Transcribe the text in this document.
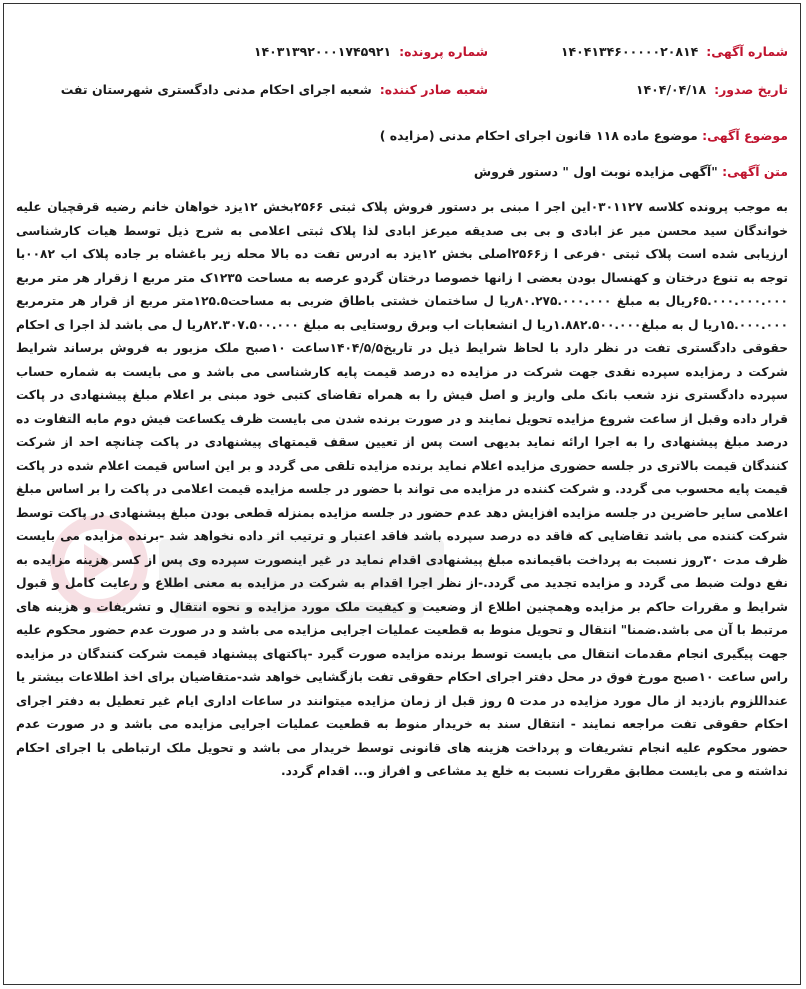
شماره آگهی:
۱۴۰۴۱۳۴۶۰۰۰۰۰۲۰۸۱۴
شماره پرونده:
۱۴۰۳۱۳۹۲۰۰۰۱۷۴۵۹۲۱
تاریخ صدور:
۱۴۰۴/۰۴/۱۸
شعبه صادر کننده:
شعبه اجرای احکام مدنی دادگستری شهرستان تفت
موضوع آگهی: موضوع ماده ۱۱۸ قانون اجرای احکام مدنی (مزایده )
متن آگهی: "آگهی مزایده نوبت اول " دستور فروش
به موجب پرونده کلاسه ۰۳۰۱۱۲۷این اجر ا مبنی بر دستور فروش پلاک ثبتی ۲۵۶۶بخش ۱۲یزد خواهان خانم رضیه قرقچیان علیه خواندگان سید محسن میر عز ابادی و بی بی صدیقه میرعز ابادی لذا پلاک ثبتی اعلامی به شرح ذیل توسط هیات کارشناسی ارزیابی شده است پلاک ثبتی ۰فرعی ا ز۲۵۶۶اصلی بخش ۱۲یزد به ادرس تفت ده بالا محله زیر باغشاه بر جاده پلاک اب ۰۰۸۲با توجه به تنوع درختان و کهنسال بودن بعضی ا زانها خصوصا درختان گردو عرصه به مساحت ۱۲۳۵ک متر مربع ا زقرار هر متر مربع ۶۵.۰۰۰.۰۰۰.۰۰۰ریال به مبلغ ۸۰.۲۷۵.۰۰۰.۰۰۰ریا ل ساختمان خشتی باطاق ضربی به مساحت۱۲۵.۵متر مربع از قرار هر مترمربع ۱۵.۰۰۰.۰۰۰ریا ل به مبلغ۱.۸۸۲.۵۰۰.۰۰۰ریا ل انشعابات اب وبرق روستایی به مبلغ ۸۲.۳۰۷.۵۰۰.۰۰۰ریا ل می باشد لذ اجرا ی احکام حقوقی دادگستری تفت در نظر دارد با لحاظ شرایط ذیل در تاریخ۱۴۰۴/۵/۵ساعت ۱۰صبح ملک مزبور به فروش برساند شرایط شرکت د رمزایده سپرده نقدی جهت شرکت در مزایده ده درصد قیمت پایه کارشناسی می باشد و می بایست به شماره حساب سپرده دادگستری نزد شعب بانک ملی واریز و اصل فیش را به همراه تقاضای کتبی خود مبنی بر اعلام مبلغ پیشنهادی در پاکت قرار داده وقبل از ساعت شروع مزایده تحویل نمایند و در صورت برنده شدن می بایست ظرف یکساعت فیش دوم مابه التفاوت ده درصد مبلغ پیشنهادی را به اجرا ارائه نماید بدیهی است پس از تعیین سقف قیمتهای پیشنهادی در پاکت چنانچه احد از شرکت کنندگان قیمت بالاتری در جلسه حضوری مزایده اعلام نماید برنده مزایده تلقی می گردد و بر این اساس قیمت اعلام شده در پاکت قیمت پایه محسوب می گردد. و شرکت کننده در مزایده می تواند با حضور در جلسه مزایده قیمت اعلامی در پاکت را بر اساس مبلغ اعلامی سایر حاضرین در جلسه مزایده افزایش دهد عدم حضور در جلسه مزایده بمنزله قطعی بودن مبلغ پیشنهادی در پاکت توسط شرکت کننده می باشد تقاضایی که فاقد ده درصد سپرده باشد فاقد اعتبار و ترتیب اثر داده نخواهد شد -برنده مزایده می بایست ظرف مدت ۳۰روز نسبت به پرداخت باقیمانده مبلغ پیشنهادی اقدام نماید در غیر اینصورت سپرده وی پس از کسر هزینه مزایده به نفع دولت ضبط می گردد و مزایده تجدید می گردد.-از نظر اجرا اقدام به شرکت در مزایده به معنی اطلاع و رعایت کامل و قبول شرایط و مقررات حاکم بر مزایده وهمچنین اطلاع از وضعیت و کیفیت ملک مورد مزایده و نحوه انتقال و تشریفات و هزینه های مرتبط با آن می باشد.ضمنا" انتقال و تحویل منوط به قطعیت عملیات اجرایی مزایده می باشد و در صورت عدم حضور محکوم علیه جهت پیگیری انجام مقدمات انتقال می بایست توسط برنده مزایده صورت گیرد -پاکتهای پیشنهاد قیمت شرکت کنندگان در مزایده راس ساعت ۱۰صبح مورخ فوق در محل دفتر اجرای احکام حقوقی تفت بازگشایی خواهد شد-متقاضیان برای اخذ اطلاعات بیشتر یا عنداللزوم بازدید از مال مورد مزایده در مدت ۵ روز قبل از زمان مزایده میتوانند در ساعات اداری ایام غیر تعطیل به دفتر اجرای احکام حقوقی تفت مراجعه نمایند - انتقال سند به خریدار منوط به قطعیت عملیات اجرایی مزایده می باشد و در صورت عدم حضور محکوم علیه انجام تشریفات و پرداخت هزینه های قانونی توسط خریدار می باشد و تحویل ملک ارتباطی با اجرای احکام نداشته و می بایست مطابق مقررات نسبت به خلع ید مشاعی و افراز و... اقدام گردد.
